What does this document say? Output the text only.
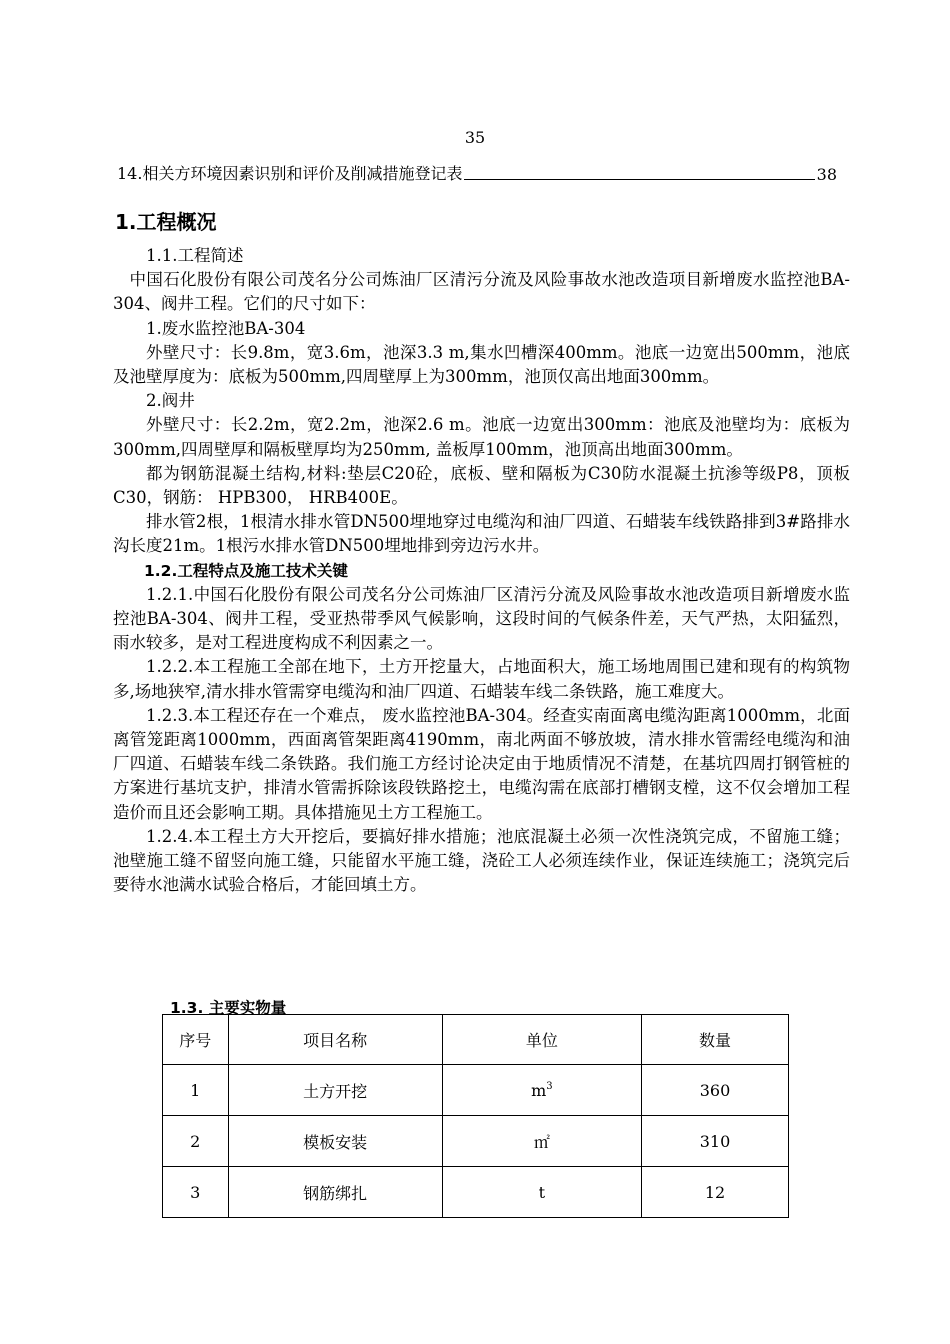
35
14.相关方环境因素识别和评价及削减措施登记表	38
1.工程概况

1.1.工程简述

中国石化股份有限公司茂名分公司炼油厂区清污分流及风险事故水池改造项目新增废水监控池BA-304、阀井工程。它们的尺寸如下：

1.废水监控池BA-304

外壁尺寸：长9.8m，宽3.6m，池深3.3 m,集水凹槽深400mm。池底一边宽出500mm，池底及池壁厚度为：底板为500mm,四周壁厚上为300mm，池顶仅高出地面300mm。

2.阀井

外壁尺寸：长2.2m，宽2.2m，池深2.6 m。池底一边宽出300mm：池底及池壁均为：底板为300mm,四周壁厚和隔板壁厚均为250mm, 盖板厚100mm，池顶高出地面300mm。

都为钢筋混凝土结构,材料:垫层C20砼，底板、壁和隔板为C30防水混凝土抗渗等级P8，顶板C30，钢筋： HPB300， HRB400E。

排水管2根，1根清水排水管DN500埋地穿过电缆沟和油厂四道、石蜡装车线铁路排到3#路排水沟长度21m。1根污水排水管DN500埋地排到旁边污水井。

1.2.工程特点及施工技术关键

1.2.1.中国石化股份有限公司茂名分公司炼油厂区清污分流及风险事故水池改造项目新增废水监控池BA-304、阀井工程，受亚热带季风气候影响，这段时间的气候条件差，天气严热，太阳猛烈，雨水较多，是对工程进度构成不利因素之一。

1.2.2.本工程施工全部在地下，土方开挖量大，占地面积大，施工场地周围已建和现有的构筑物多,场地狭窄,清水排水管需穿电缆沟和油厂四道、石蜡装车线二条铁路，施工难度大。

1.2.3.本工程还存在一个难点， 废水监控池BA-304。经查实南面离电缆沟距离1000mm，北面离管笼距离1000mm，西面离管架距离4190mm，南北两面不够放坡，清水排水管需经电缆沟和油厂四道、石蜡装车线二条铁路。我们施工方经讨论决定由于地质情况不清楚，在基坑四周打钢管桩的方案进行基坑支护，排清水管需拆除该段铁路挖土，电缆沟需在底部打槽钢支樘，这不仅会增加工程造价而且还会影响工期。具体措施见土方工程施工。

1.2.4.本工程土方大开挖后，要搞好排水措施；池底混凝土必须一次性浇筑完成，不留施工缝；池壁施工缝不留竖向施工缝，只能留水平施工缝，浇砼工人必须连续作业，保证连续施工；浇筑完后要待水池满水试验合格后，才能回填土方。

1.3. 主要实物量
序号	项目名称	单位	数量
1	土方开挖	$m^3$	360
2	模板安装	㎡	310
3	钢筋绑扎	t	12
